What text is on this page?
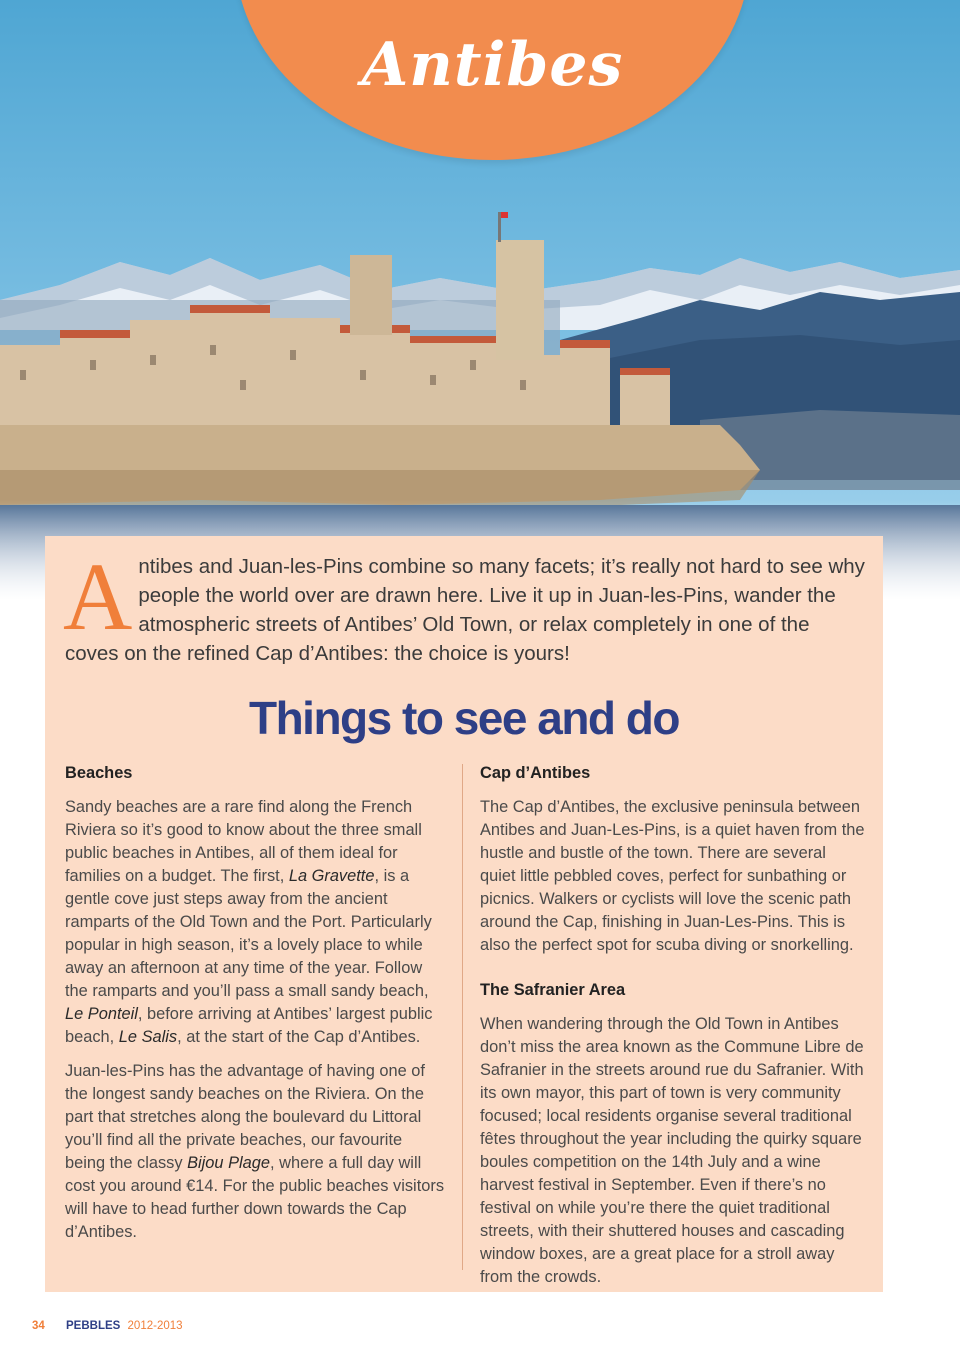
Antibes
Antibes and Juan-les-Pins combine so many facets; it’s really not hard to see why people the world over are drawn here. Live it up in Juan-les-Pins, wander the atmospheric streets of Antibes’ Old Town, or relax completely in one of the coves on the refined Cap d’Antibes: the choice is yours!
Things to see and do

Beaches

Sandy beaches are a rare find along the French Riviera so it’s good to know about the three small public beaches in Antibes, all of them ideal for families on a budget. The first, La Gravette, is a gentle cove just steps away from the ancient ramparts of the Old Town and the Port. Particularly popular in high season, it’s a lovely place to while away an afternoon at any time of the year. Follow the ramparts and you’ll pass a small sandy beach, Le Ponteil, before arriving at Antibes’ largest public beach, Le Salis, at the start of the Cap d’Antibes.

Juan-les-Pins has the advantage of having one of the longest sandy beaches on the Riviera. On the part that stretches along the boulevard du Littoral you’ll find all the private beaches, our favourite being the classy Bijou Plage, where a full day will cost you around €14. For the public beaches visitors will have to head further down towards the Cap d’Antibes.

Cap d’Antibes

The Cap d’Antibes, the exclusive peninsula between Antibes and Juan-Les-Pins, is a quiet haven from the hustle and bustle of the town. There are several quiet little pebbled coves, perfect for sunbathing or picnics. Walkers or cyclists will love the scenic path around the Cap, finishing in Juan-Les-Pins. This is also the perfect spot for scuba diving or snorkelling.

The Safranier Area

When wandering through the Old Town in Antibes don’t miss the area known as the Commune Libre de Safranier in the streets around rue du Safranier. With its own mayor, this part of town is very community focused; local residents organise several traditional fêtes throughout the year including the quirky square boules competition on the 14th July and a wine harvest festival in September. Even if there’s no festival on while you’re there the quiet traditional streets, with their shuttered houses and cascading window boxes, are a great place for a stroll away from the crowds.

34 PEBBLES 2012-2013
